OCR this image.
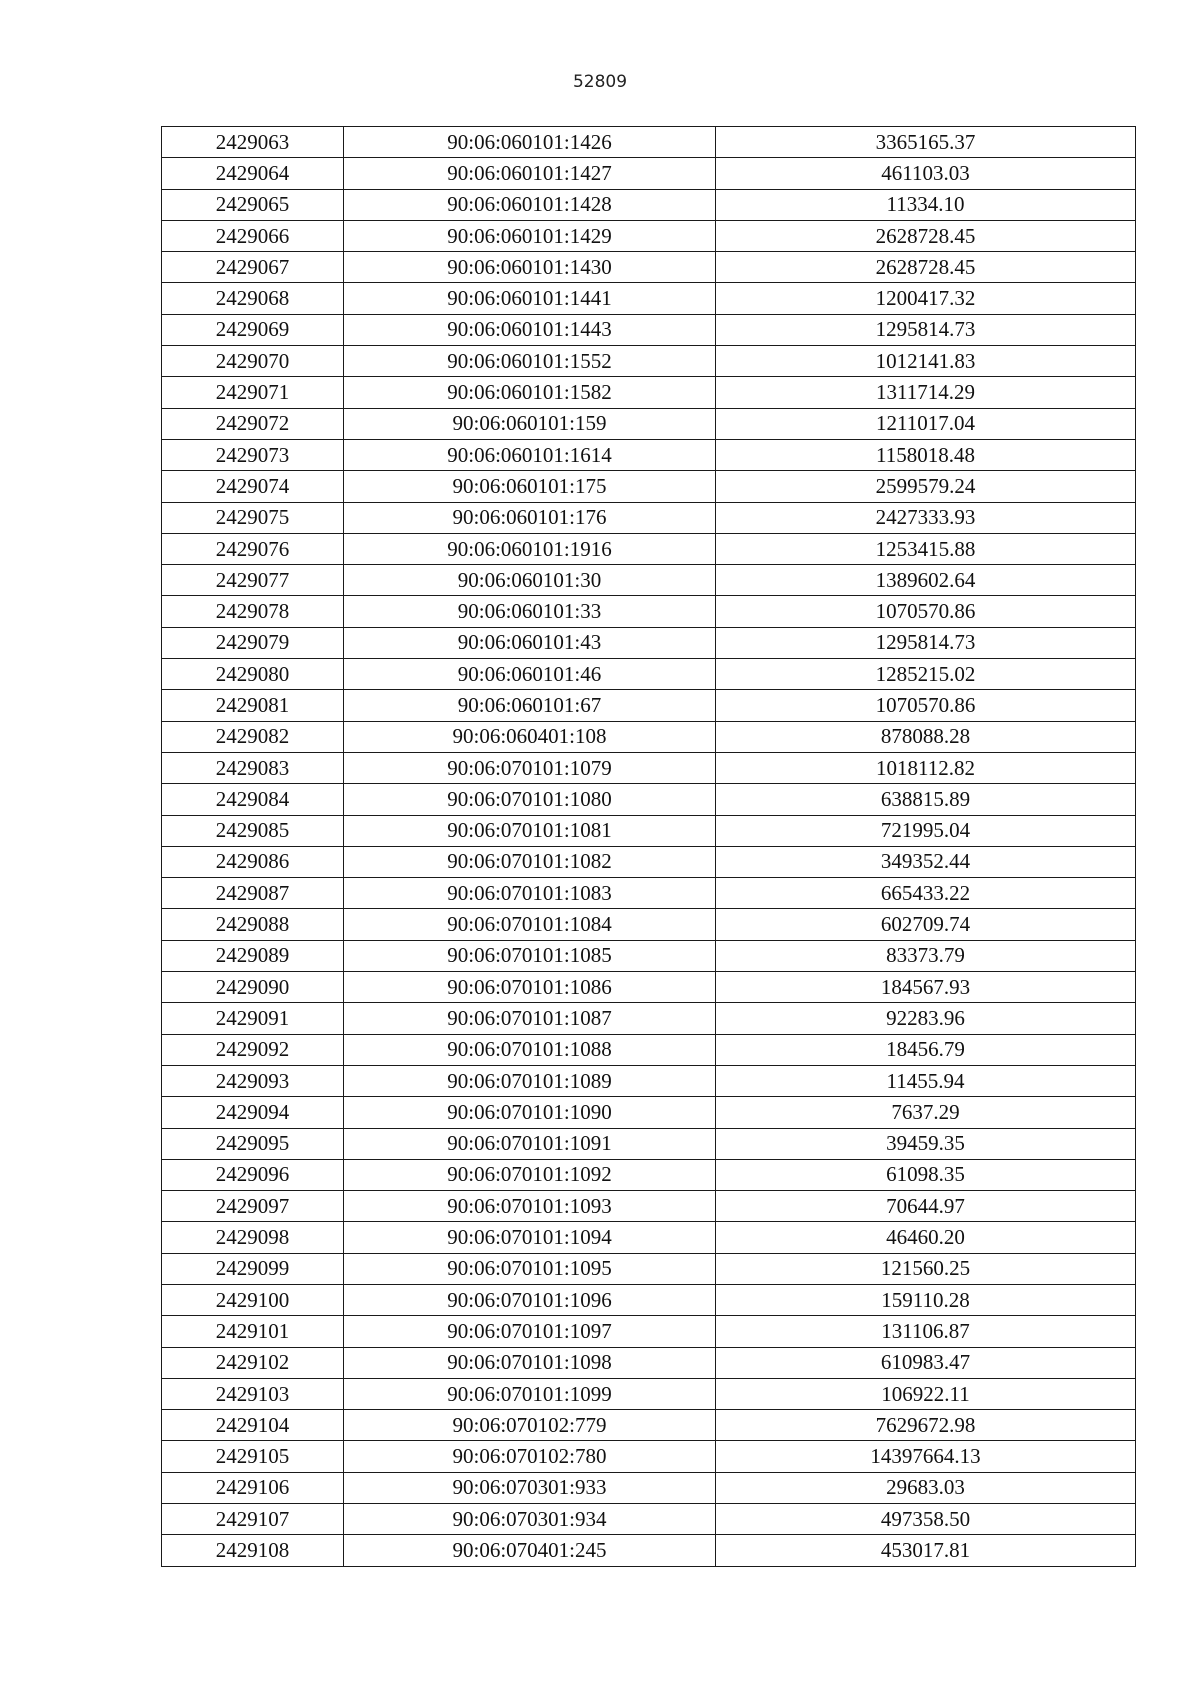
52809
2429063	90:06:060101:1426	3365165.37
2429064	90:06:060101:1427	461103.03
2429065	90:06:060101:1428	11334.10
2429066	90:06:060101:1429	2628728.45
2429067	90:06:060101:1430	2628728.45
2429068	90:06:060101:1441	1200417.32
2429069	90:06:060101:1443	1295814.73
2429070	90:06:060101:1552	1012141.83
2429071	90:06:060101:1582	1311714.29
2429072	90:06:060101:159	1211017.04
2429073	90:06:060101:1614	1158018.48
2429074	90:06:060101:175	2599579.24
2429075	90:06:060101:176	2427333.93
2429076	90:06:060101:1916	1253415.88
2429077	90:06:060101:30	1389602.64
2429078	90:06:060101:33	1070570.86
2429079	90:06:060101:43	1295814.73
2429080	90:06:060101:46	1285215.02
2429081	90:06:060101:67	1070570.86
2429082	90:06:060401:108	878088.28
2429083	90:06:070101:1079	1018112.82
2429084	90:06:070101:1080	638815.89
2429085	90:06:070101:1081	721995.04
2429086	90:06:070101:1082	349352.44
2429087	90:06:070101:1083	665433.22
2429088	90:06:070101:1084	602709.74
2429089	90:06:070101:1085	83373.79
2429090	90:06:070101:1086	184567.93
2429091	90:06:070101:1087	92283.96
2429092	90:06:070101:1088	18456.79
2429093	90:06:070101:1089	11455.94
2429094	90:06:070101:1090	7637.29
2429095	90:06:070101:1091	39459.35
2429096	90:06:070101:1092	61098.35
2429097	90:06:070101:1093	70644.97
2429098	90:06:070101:1094	46460.20
2429099	90:06:070101:1095	121560.25
2429100	90:06:070101:1096	159110.28
2429101	90:06:070101:1097	131106.87
2429102	90:06:070101:1098	610983.47
2429103	90:06:070101:1099	106922.11
2429104	90:06:070102:779	7629672.98
2429105	90:06:070102:780	14397664.13
2429106	90:06:070301:933	29683.03
2429107	90:06:070301:934	497358.50
2429108	90:06:070401:245	453017.81
